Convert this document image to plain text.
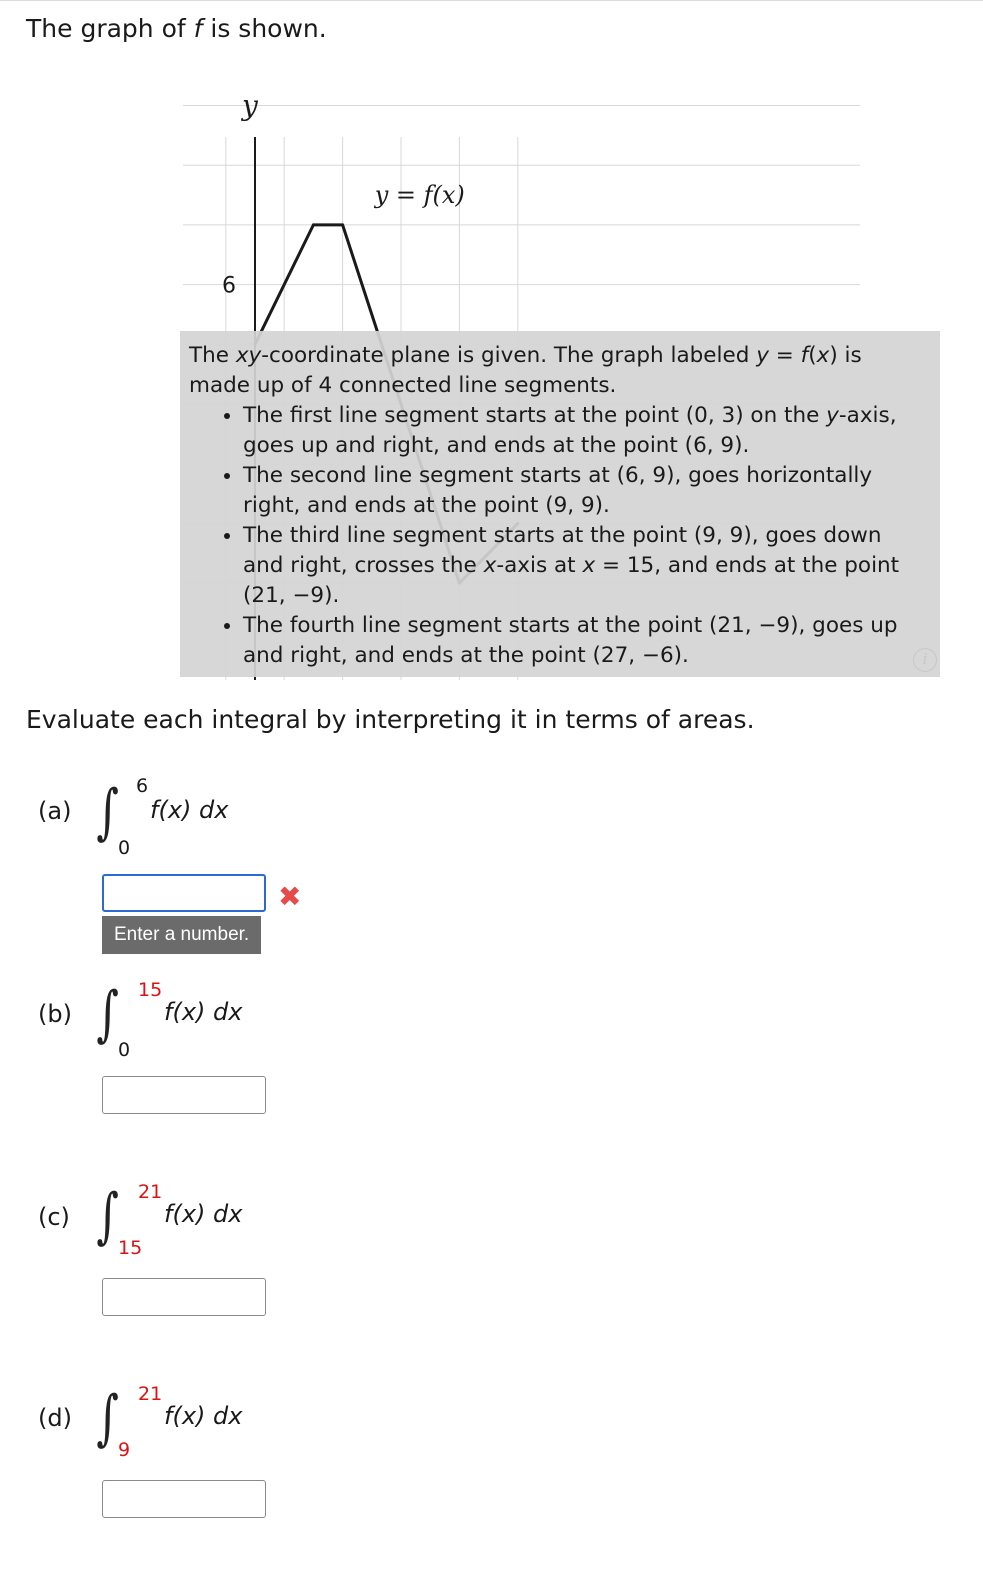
The graph of f is shown.
y
6
y = f(x)

The xy-coordinate plane is given. The graph labeled y = f(x) is made up of 4 connected line segments.

• The first line segment starts at the point (0, 3) on the y-axis, goes up and right, and ends at the point (6, 9).
• The second line segment starts at (6, 9), goes horizontally right, and ends at the point (9, 9).
• The third line segment starts at the point (9, 9), goes down and right, crosses the x-axis at x = 15, and ends at the point (21, −9).
• The fourth line segment starts at the point (21, −9), goes up and right, and ends at the point (27, −6).	i
Evaluate each integral by interpreting it in terms of areas.
(a) ∫ 6
0
f(x) dx
✖
Enter a number.
(b) ∫ 15
0
f(x) dx
(c) ∫ 21
15
f(x) dx
(d) ∫ 21
9
f(x) dx
